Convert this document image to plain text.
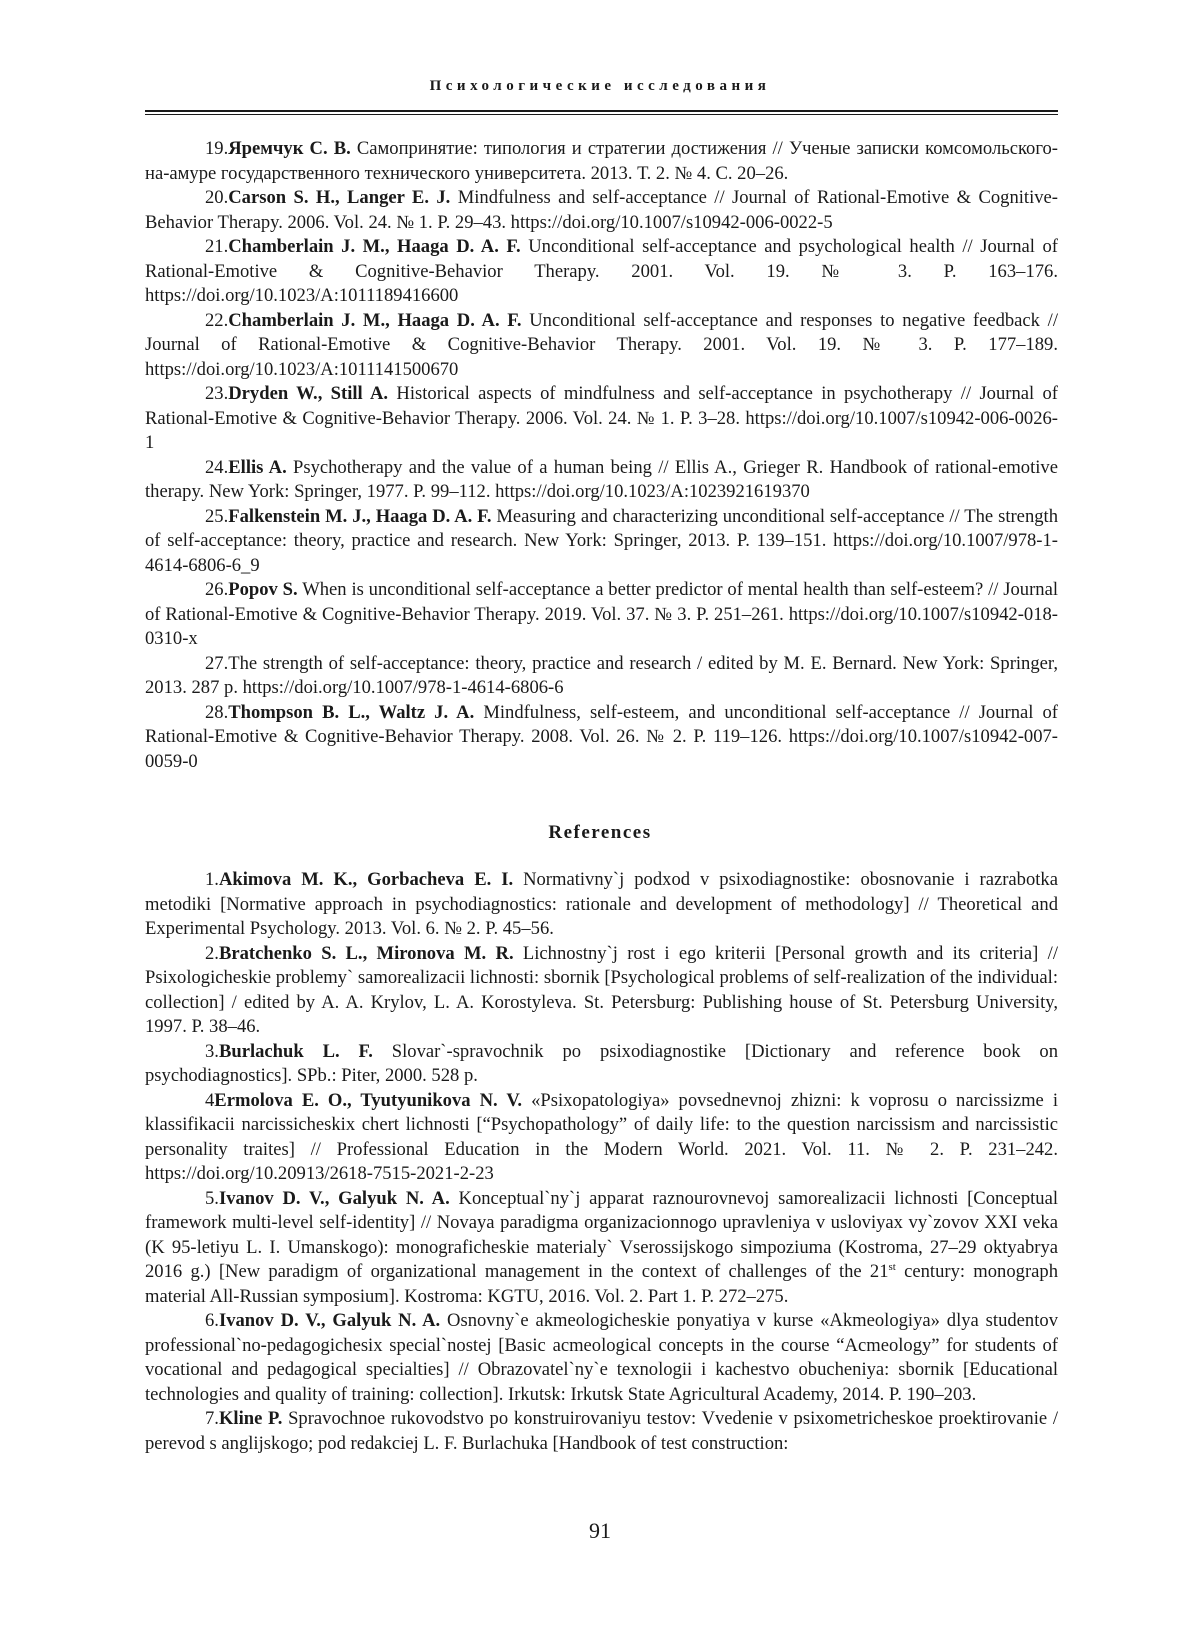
Психологические исследования

19.Яремчук С. В. Самопринятие: типология и стратегии достижения // Ученые записки комсомольского-на-амуре государственного технического университета. 2013. Т. 2. № 4. С. 20–26.

20.Carson S. H., Langer E. J. Mindfulness and self-acceptance // Journal of Rational-Emotive & Cognitive-Behavior Therapy. 2006. Vol. 24. № 1. P. 29–43. https://doi.org/10.1007/s10942-006-0022-5

21.Chamberlain J. M., Haaga D. A. F. Unconditional self-acceptance and psychological health // Journal of Rational-Emotive & Cognitive-Behavior Therapy. 2001. Vol. 19. № 3. P. 163–176. https://doi.org/10.1023/A:1011189416600

22.Chamberlain J. M., Haaga D. A. F. Unconditional self-acceptance and responses to negative feedback // Journal of Rational-Emotive & Cognitive-Behavior Therapy. 2001. Vol. 19. № 3. P. 177–189. https://doi.org/10.1023/A:1011141500670

23.Dryden W., Still A. Historical aspects of mindfulness and self-acceptance in psychotherapy // Journal of Rational-Emotive & Cognitive-Behavior Therapy. 2006. Vol. 24. № 1. P. 3–28. https://doi.org/10.1007/s10942-006-0026-1

24.Ellis A. Psychotherapy and the value of a human being // Ellis A., Grieger R. Handbook of rational-emotive therapy. New York: Springer, 1977. P. 99–112. https://doi.org/10.1023/A:1023921619370

25.Falkenstein M. J., Haaga D. A. F. Measuring and characterizing unconditional self-acceptance // The strength of self-acceptance: theory, practice and research. New York: Springer, 2013. P. 139–151. https://doi.org/10.1007/978-1-4614-6806-6_9

26.Popov S. When is unconditional self-acceptance a better predictor of mental health than self-esteem? // Journal of Rational-Emotive & Cognitive-Behavior Therapy. 2019. Vol. 37. № 3. P. 251–261. https://doi.org/10.1007/s10942-018-0310-x

27.The strength of self-acceptance: theory, practice and research / edited by M. E. Bernard. New York: Springer, 2013. 287 p. https://doi.org/10.1007/978-1-4614-6806-6

28.Thompson B. L., Waltz J. A. Mindfulness, self-esteem, and unconditional self-acceptance // Journal of Rational-Emotive & Cognitive-Behavior Therapy. 2008. Vol. 26. № 2. P. 119–126. https://doi.org/10.1007/s10942-007-0059-0

References

1.Akimova M. K., Gorbacheva E. I. Normativny`j podxod v psixodiagnostike: obosnovanie i razrabotka metodiki [Normative approach in psychodiagnostics: rationale and development of methodology] // Theoretical and Experimental Psychology. 2013. Vol. 6. № 2. P. 45–56.

2.Bratchenko S. L., Mironova M. R. Lichnostny`j rost i ego kriterii [Personal growth and its criteria] // Psixologicheskie problemy` samorealizacii lichnosti: sbornik [Psychological problems of self-realization of the individual: collection] / edited by A. A. Krylov, L. A. Korostyleva. St. Petersburg: Publishing house of St. Petersburg University, 1997. P. 38–46.

3.Burlachuk L. F. Slovar`-spravochnik po psixodiagnostike [Dictionary and reference book on psychodiagnostics]. SPb.: Piter, 2000. 528 p.

4Ermolova E. O., Tyutyunikova N. V. «Psixopatologiya» povsednevnoj zhizni: k voprosu o narcissizme i klassifikacii narcissicheskix chert lichnosti [“Psychopathology” of daily life: to the question narcissism and narcissistic personality traites] // Professional Education in the Modern World. 2021. Vol. 11. № 2. P. 231–242. https://doi.org/10.20913/2618-7515-2021-2-23

5.Ivanov D. V., Galyuk N. A. Konceptual`ny`j apparat raznourovnevoj samorealizacii lichnosti [Conceptual framework multi-level self-identity] // Novaya paradigma organizacionnogo upravleniya v usloviyax vy`zovov XXI veka (K 95-letiyu L. I. Umanskogo): monograficheskie materialy` Vserossijskogo simpoziuma (Kostroma, 27–29 oktyabrya 2016 g.) [New paradigm of organizational management in the context of challenges of the 21st century: monograph material All-Russian symposium]. Kostroma: KGTU, 2016. Vol. 2. Part 1. P. 272–275.

6.Ivanov D. V., Galyuk N. A. Osnovny`e akmeologicheskie ponyatiya v kurse «Akmeologiya» dlya studentov professional`no-pedagogichesix special`nostej [Basic acmeological concepts in the course “Acmeology” for students of vocational and pedagogical specialties] // Obrazovatel`ny`e texnologii i kachestvo obucheniya: sbornik [Educational technologies and quality of training: collection]. Irkutsk: Irkutsk State Agricultural Academy, 2014. P. 190–203.

7.Kline P. Spravochnoe rukovodstvo po konstruirovaniyu testov: Vvedenie v psixometricheskoe proektirovanie / perevod s anglijskogo; pod redakciej L. F. Burlachuka [Handbook of test construction:

91
